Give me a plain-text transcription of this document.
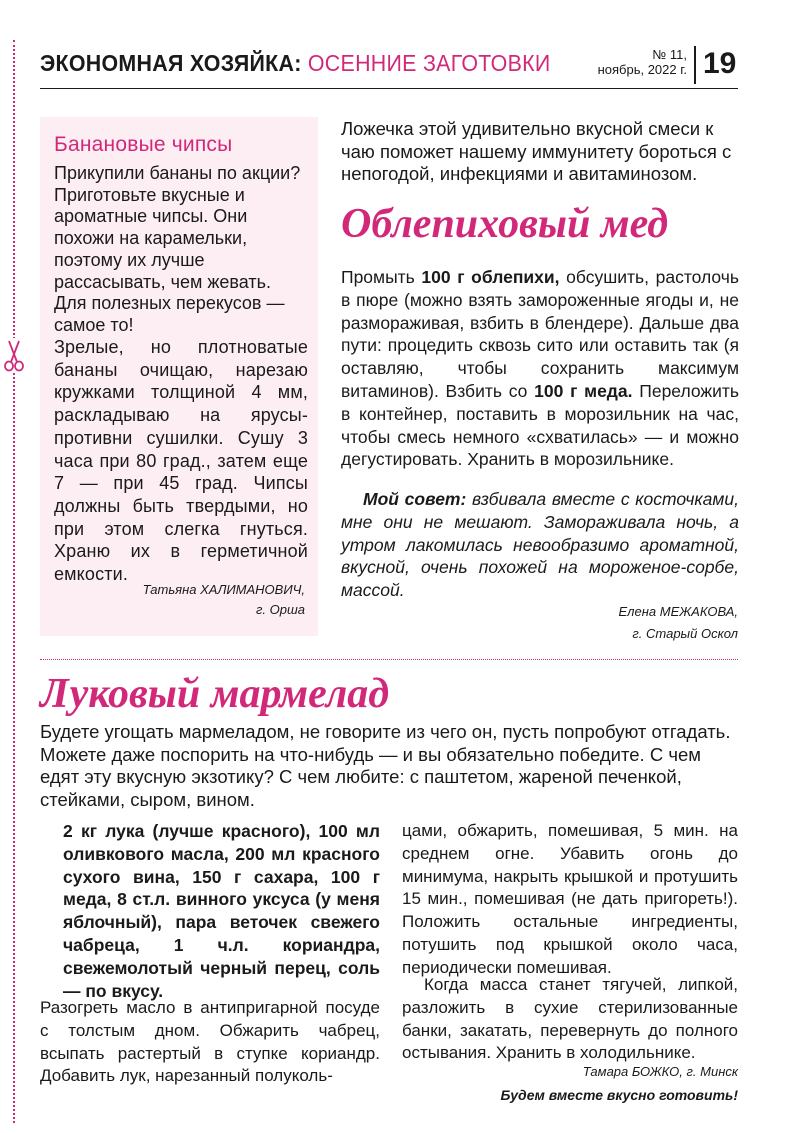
ЭКОНОМНАЯ ХОЗЯЙКА: ОСЕННИЕ ЗАГОТОВКИ	№ 11,
ноябрь, 2022 г. 19
Банановые чипсы
Прикупили бананы по акции? Приготовьте вкусные и ароматные чипсы. Они похожи на карамельки, поэтому их лучше рассасывать, чем жевать. Для полезных перекусов — самое то!
Зрелые, но плотноватые бананы очищаю, нарезаю кружками толщиной 4 мм, раскладываю на ярусы-противни сушилки. Сушу 3 часа при 80 град., затем еще 7 — при 45 град. Чипсы должны быть твердыми, но при этом слегка гнуться. Храню их в герметичной емкости.
Татьяна ХАЛИМАНОВИЧ,
г. Орша
Ложечка этой удивительно вкусной смеси к чаю поможет нашему иммунитету бороться с непогодой, инфекциями и авитаминозом.
Облепиховый мед
Промыть 100 г облепихи, обсушить, растолочь в пюре (можно взять замороженные ягоды и, не размораживая, взбить в блендере). Дальше два пути: процедить сквозь сито или оставить так (я оставляю, чтобы сохранить максимум витаминов). Взбить со 100 г меда. Переложить в контейнер, поставить в морозильник на час, чтобы смесь немного «схватилась» — и можно дегустировать. Хранить в морозильнике.
Мой совет: взбивала вместе с косточками, мне они не мешают. Замораживала ночь, а утром лакомилась невообразимо ароматной, вкусной, очень похожей на мороженое-сорбе, массой.
Елена МЕЖАКОВА,
г. Старый Оскол
Луковый мармелад
Будете угощать мармеладом, не говорите из чего он, пусть попробуют отгадать. Можете даже поспорить на что-нибудь — и вы обязательно победите. С чем едят эту вкусную экзотику? С чем любите: с паштетом, жареной печенкой, стейками, сыром, вином.
2 кг лука (лучше красного), 100 мл оливкового масла, 200 мл красного сухого вина, 150 г сахара, 100 г меда, 8 ст.л. винного уксуса (у меня яблочный), пара веточек свежего чабреца, 1 ч.л. кориандра, свежемолотый черный перец, соль — по вкусу.
Разогреть масло в антипригарной посуде с толстым дном. Обжарить чабрец, всыпать растертый в ступке кориандр. Добавить лук, нарезанный полуколь-
цами, обжарить, помешивая, 5 мин. на среднем огне. Убавить огонь до минимума, накрыть крышкой и протушить 15 мин., помешивая (не дать пригореть!). Положить остальные ингредиенты, потушить под крышкой около часа, периодически помешивая.
Когда масса станет тягучей, липкой, разложить в сухие стерилизованные банки, закатать, перевернуть до полного остывания. Хранить в холодильнике.
Тамара БОЖКО, г. Минск
Будем вместе вкусно готовить!
